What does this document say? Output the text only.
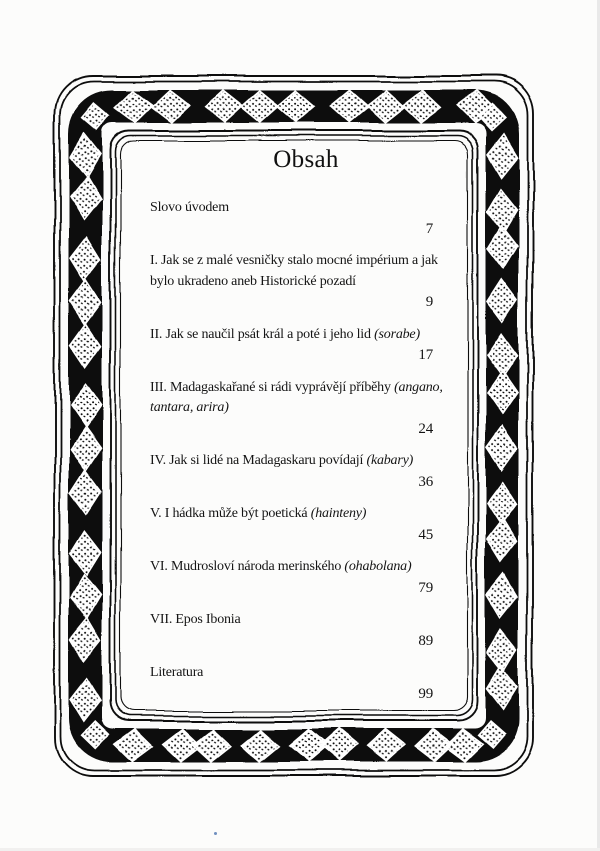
Obsah
Slovo úvodem
7
I. Jak se z malé vesničky stalo mocné impérium a jak
bylo ukradeno aneb Historické pozadí
9
II. Jak se naučil psát král a poté i jeho lid (sorabe)
17
III. Madagaskařané si rádi vyprávějí příběhy (angano,
tantara, arira)
24
IV. Jak si lidé na Madagaskaru povídají (kabary)
36
V. I hádka může být poetická (hainteny)
45
VI. Mudrosloví národa merinského (ohabolana)
79
VII. Epos Ibonia
89
Literatura
99
